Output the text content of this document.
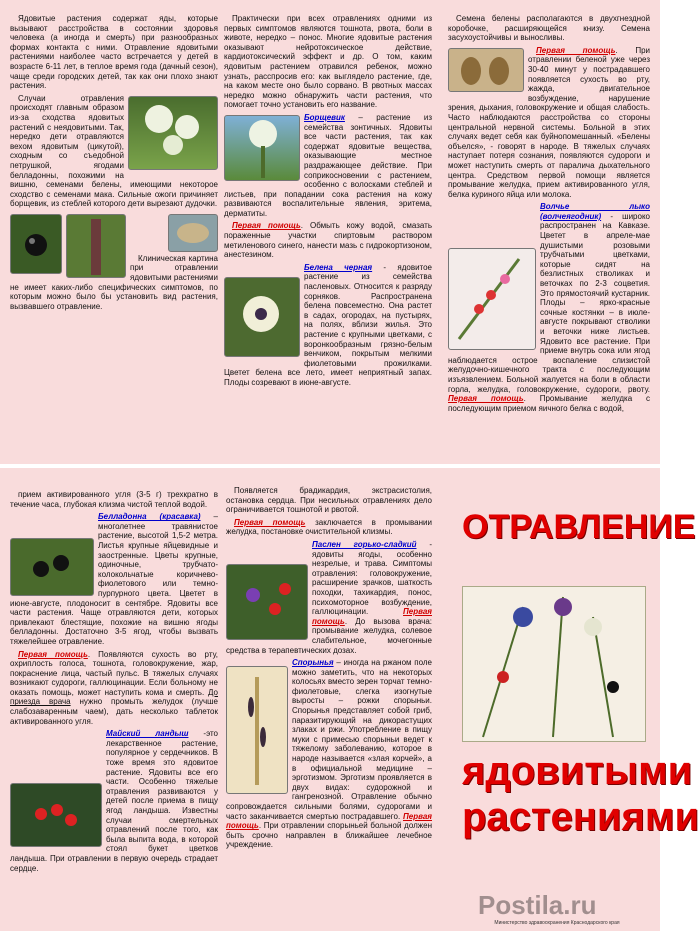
Ядовитые растения содержат яды, которые вызывают расстройства в состоянии здоровья человека (а иногда и смерть) при разнообразных формах контакта с ними. Отравление ядовитыми растениями наиболее часто встречается у детей в возрасте 6-11 лет, в теплое время года (дачный сезон), чаще среди городских детей, так как они плохо знают растения.

Случаи отравления происходят главным образом из-за сходства ядовитых растений с неядовитыми. Так, нередко дети отравляются вехом ядовитым (цикутой), сходным со съедобной петрушкой, ягодами белладонны, похожими на вишню, семенами белены, имеющими некоторое сходство с семенами мака. Сильные ожоги причиняет борщевик, из стеблей которого дети вырезают дудочки.

Клиническая картина при отравлении ядовитыми растениями не имеет каких-либо специфических симптомов, по которым можно было бы установить вид растения, вызвавшего отравление.

Практически при всех отравлениях одними из первых симптомов являются тошнота, рвота, боли в животе, нередко – понос. Многие ядовитые растения оказывают нейротоксическое действие, кардиотоксический эффект и др. О том, каким ядовитым растением отравился ребенок, можно узнать, расспросив его: как выглядело растение, где, на каком месте оно было сорвано. В рвотных массах нередко можно обнаружить части растения, что помогает точно установить его название.

Борщевик – растение из семейства зонтичных. Ядовиты все части растения, так как содержат ядовитые вещества, оказывающие местное раздражающее действие. При соприкосновении с растением, особенно с волосками стеблей и листьев, при попадании сока растения на кожу развиваются воспалительные явления, эритема, дерматиты.

Первая помощь. Обмыть кожу водой, смазать пораженные участки спиртовым раствором метиленового синего, нанести мазь с гидрокортизоном, анестезином.

Белена черная - ядовитое растение из семейства пасленовых. Относится к разряду сорняков. Распространена белена повсеместно. Она растет в садах, огородах, на пустырях, на полях, вблизи жилья. Это растение с крупными цветками, с воронкообразным грязно-белым венчиком, покрытым мелкими фиолетовыми прожилками. Цветет белена все лето, имеет неприятный запах. Плоды созревают в июне-августе.

Семена белены располагаются в двухгнездной коробочке, расширяющейся книзу. Семена засухоустойчивы и выносливы.

Первая помощь. При отравлении беленой уже через 30-40 минут у пострадавшего появляется сухость во рту, жажда, двигательное возбуждение, нарушение зрения, дыхания, головокружение и общая слабость. Часто наблюдаются расстройства со стороны центральной нервной системы. Больной в этих случаях ведет себя как буйнопомешанный. «Белены объелся», - говорят в народе. В тяжелых случаях наступает потеря сознания, появляются судороги и может наступить смерть от паралича дыхательного центра. Средством первой помощи является промывание желудка, прием активированного угля, белка куриного яйца или молока.

Волчье лыко (волчеягодник) - широко распространен на Кавказе. Цветет в апреле-мае душистыми розовыми трубчатыми цветками, которые сидят на безлистных стволиках и веточках по 2-3 соцветия. Это прямостоячий кустарник. Плоды – ярко-красные сочные костянки – в июле-августе покрывают стволики и веточки ниже листьев. Ядовито все растение. При приеме внутрь сока или ягод наблюдается острое воспаление слизистой желудочно-кишечного тракта с последующим изъязвлением. Больной жалуется на боли в области горла, желудка, головокружение, судороги, рвоту. Первая помощь. Промывание желудка с последующим приемом яичного белка с водой,

прием активированного угля (3-5 г) трехкратно в течение часа, глубокая клизма чистой теплой водой.

Белладонна (красавка) – многолетнее травянистое растение, высотой 1,5-2 метра. Листья крупные яйцевидные и заостренные. Цветы крупные, одиночные, трубчато-колокольчатые коричнево-фиолетового или темно-пурпурного цвета. Цветет в июне-августе, плодоносит в сентябре. Ядовиты все части растения. Чаще отравляются дети, которых привлекают блестящие, похожие на вишню ягоды белладонны. Достаточно 3-5 ягод, чтобы вызвать тяжелейшее отравление.

Первая помощь. Появляются сухость во рту, охриплость голоса, тошнота, головокружение, жар, покраснение лица, частый пульс. В тяжелых случаях возникают судороги, галлюцинации. Если больному не оказать помощь, может наступить кома и смерть. До приезда врача нужно промыть желудок (лучше слабозаваренным чаем), дать несколько таблеток активированного угля.

Майский ландыш -это лекарственное растение, популярное у сердечников. В тоже время это ядовитое растение. Ядовиты все его части. Особенно тяжелые отравления развиваются у детей после приема в пищу ягод ландыша. Известны случаи смертельных отравлений после того, как была выпита вода, в которой стоял букет цветков ландыша. При отравлении в первую очередь страдает сердце.

Появляется брадикардия, экстрасистолия, остановка сердца. При несильных отравлениях дело ограничивается тошнотой и рвотой.

Первая помощь заключается в промывании желудка, постановке очистительной клизмы.

Паслен горько-сладкий - ядовиты ягоды, особенно незрелые, и трава. Симптомы отравления: головокружение, расширение зрачков, шаткость походки, тахикардия, понос, психомоторное возбуждение, галлюцинации.	Первая помощь. До вызова врача: промывание желудка, солевое слабительное, мочегонные средства в терапевтических дозах.

Спорынья – иногда на ржаном поле можно заметить, что на некоторых колосьях вместо зерен торчат темно-фиолетовые, слегка изогнутые выросты – рожки спорыньи. Спорынья представляет собой гриб, паразитирующий на дикорастущих злаках и ржи. Употребление в пищу муки с примесью спорыньи ведет к тяжелому заболеванию, которое в народе называется «злая корчей», а в официальной медицине – эрготизмом. Эрготизм проявляется в двух видах: судорожной и гангренозной. Отравление обычно сопровождается сильными болями, судорогами и часто заканчивается смертью пострадавшего. Первая помощь. При отравлении спорыньей больной должен быть срочно направлен в ближайшее лечебное учреждение.

ОТРАВЛЕНИЕ
ядовитыми растениями
Postila.ru
Министерство здравоохранения Краснодарского края
